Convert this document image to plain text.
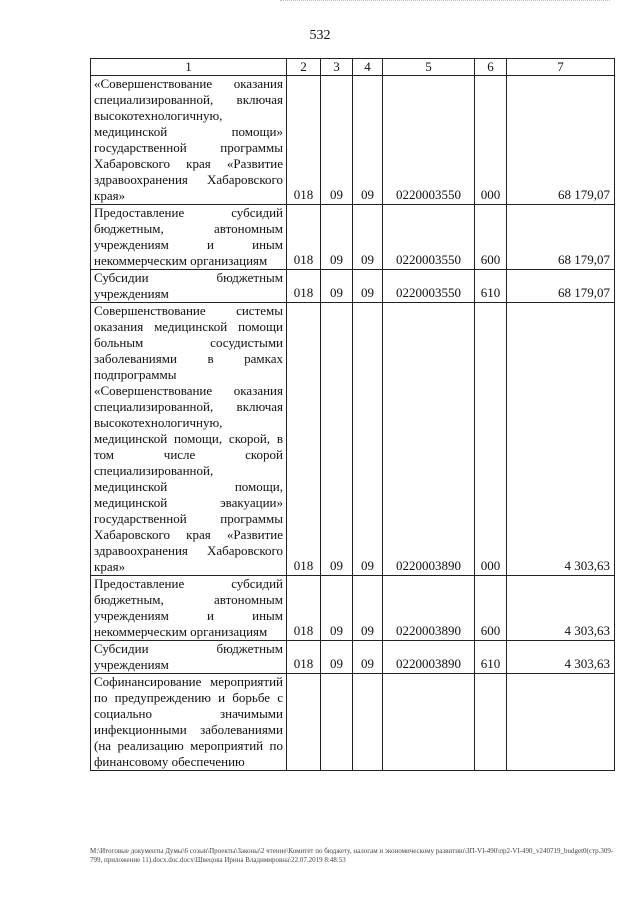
532
1	2	3	4	5	6	7
«Совершенствование оказания специализированной, включая высокотехнологичную, медицинской помощи» государственной программы Хабаровского края «Развитие здравоохранения Хабаровского края»	018	09	09	0220003550	000	68 179,07
Предоставление субсидий бюджетным, автономным учреждениям и иным некоммерческим организациям	018	09	09	0220003550	600	68 179,07
Субсидии бюджетным учреждениям	018	09	09	0220003550	610	68 179,07
Совершенствование системы оказания медицинской помощи больным сосудистыми заболеваниями в рамках подпрограммы «Совершенствование оказания специализированной, включая высокотехнологичную, медицинской помощи, скорой, в том числе скорой специализированной, медицинской помощи, медицинской эвакуации» государственной программы Хабаровского края «Развитие здравоохранения Хабаровского края»	018	09	09	0220003890	000	4 303,63
Предоставление субсидий бюджетным, автономным учреждениям и иным некоммерческим организациям	018	09	09	0220003890	600	4 303,63
Субсидии бюджетным учреждениям	018	09	09	0220003890	610	4 303,63
Софинансирование мероприятий по предупреждению и борьбе с социально значимыми инфекционными заболеваниями (на реализацию мероприятий по финансовому обеспечению						
M:\Итоговые документы Думы\6 созыв\Проекты\Законы\2 чтение\Комитет по бюджету, налогам и экономическому развитию\ЗП-VI-490\пр2-VI-490_v240719_budget0(стр.309-799, приложение 11).docx.doc.docx\Швецова Ирина Владимировна\22.07.2019 8:48:53
